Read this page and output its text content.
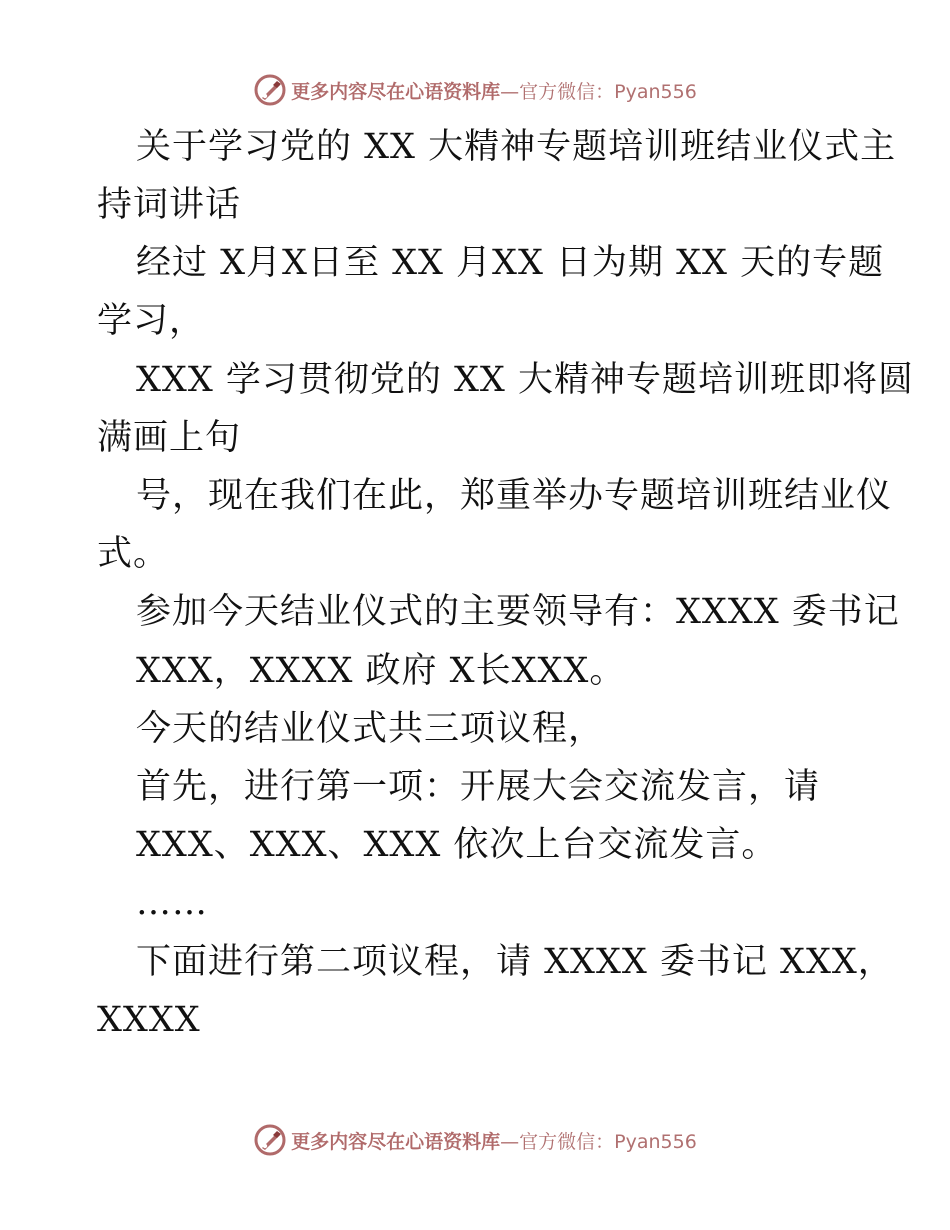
更多内容尽在心语资料库 —官方微信：Pyan556
关于学习党的 XX 大精神专题培训班结业仪式主
持词讲话
经过 X月X日至 XX 月XX 日为期 XX 天的专题
学习，
XXX 学习贯彻党的 XX 大精神专题培训班即将圆
满画上句
号，现在我们在此，郑重举办专题培训班结业仪
式。
参加今天结业仪式的主要领导有：XXXX 委书记
XXX，XXXX 政府 X长XXX。
今天的结业仪式共三项议程，
首先，进行第一项：开展大会交流发言，请
XXX、XXX、XXX 依次上台交流发言。
……
下面进行第二项议程，请 XXXX 委书记 XXX，
XXXX
更多内容尽在心语资料库 —官方微信：Pyan556
